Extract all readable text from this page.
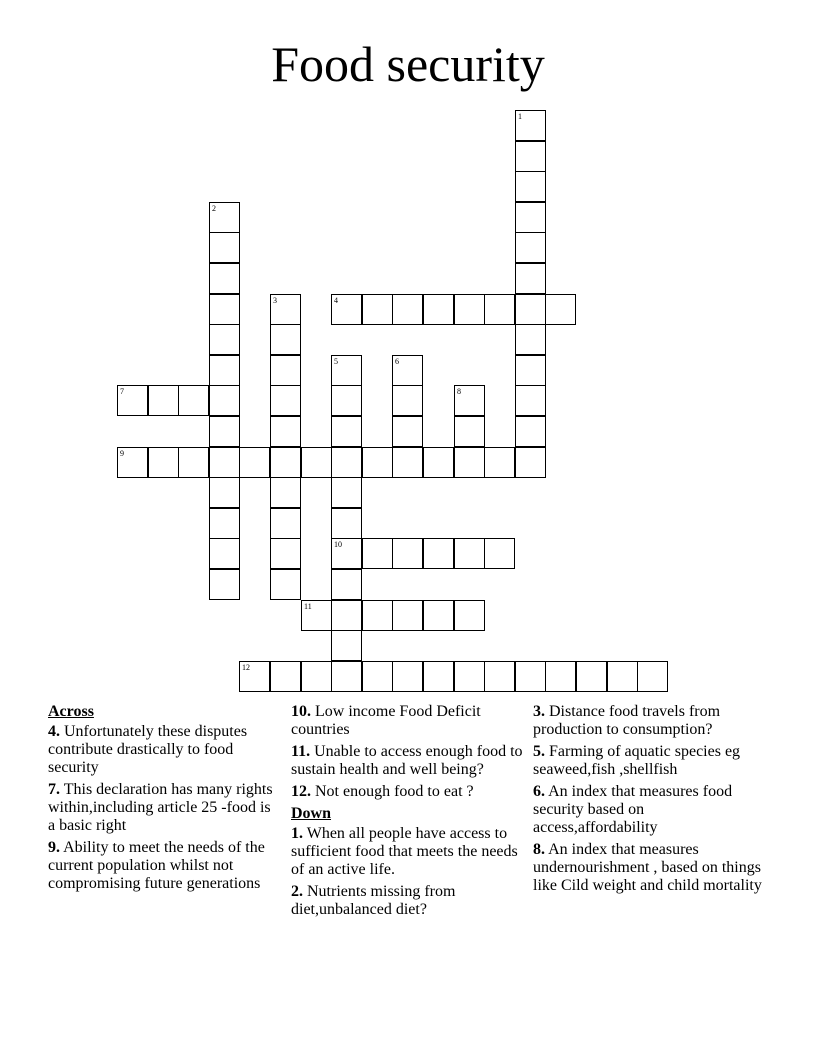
Food security
1
2
3	4
5
10
6
7	8
9
11
12
Across
4. Unfortunately these disputes contribute drastically to food security
7. This declaration has many rights within,including article 25 -food is a basic right
9. Ability to meet the needs of the current population whilst not compromising future generations
10. Low income Food Deficit countries
11. Unable to access enough food to sustain health and well being?
12. Not enough food to eat ?
Down
1. When all people have access to sufficient food that meets the needs of an active life.
2. Nutrients missing from diet,unbalanced diet?
3. Distance food travels from production to consumption?
5. Farming of aquatic species eg seaweed,fish ,shellfish
6. An index that measures food security based on access,affordability
8. An index that measures undernourishment , based on things like Cild weight and child mortality
